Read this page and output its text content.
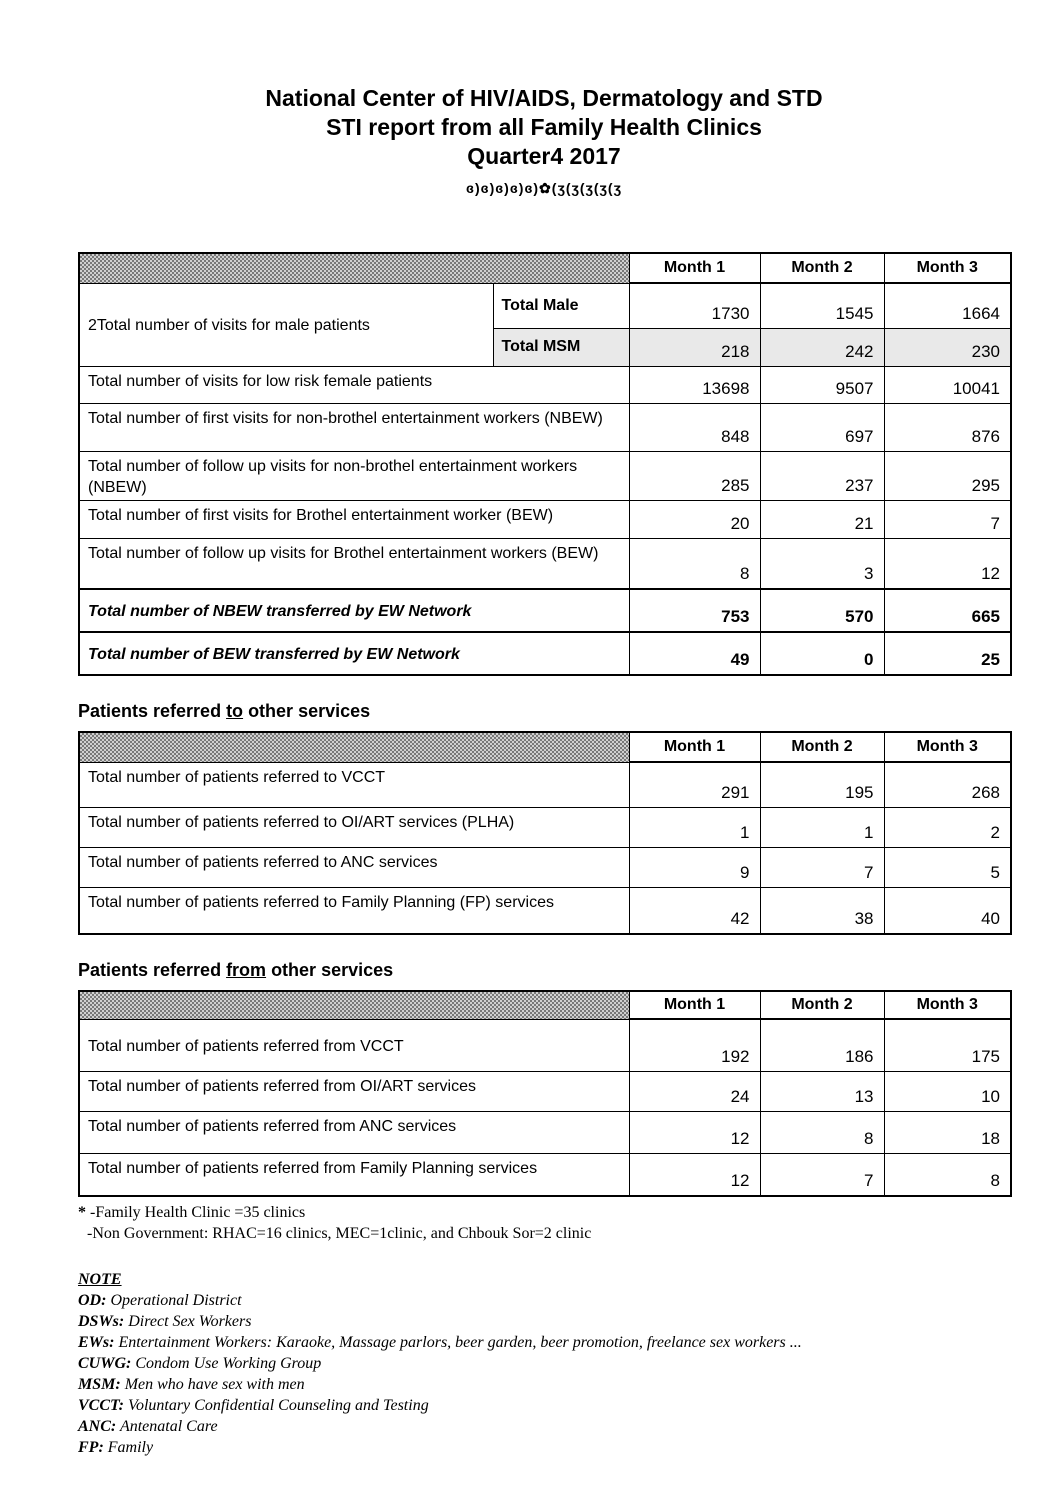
National Center of HIV/AIDS, Dermatology and STD
STI report from all Family Health Clinics
Quarter4 2017
ɞ)ɞ)ɞ)ɞ)ɞ)✿(ʒ(ʒ(ʒ(ʒ(ʒ
		Month 1	Month 2	Month 3
2Total number of visits for male patients	Total Male	1730	1545	1664
	Total MSM	218	242	230
Total number of visits for low risk female patients		13698	9507	10041
Total number of first visits for non-brothel entertainment workers (NBEW)		848	697	876
Total number of follow up visits for non-brothel entertainment workers (NBEW)		285	237	295
Total number of first visits for Brothel entertainment worker (BEW)		20	21	7
Total number of follow up visits for Brothel entertainment workers (BEW)		8	3	12
Total number of NBEW transferred by EW Network		753	570	665
Total number of BEW transferred by EW Network		49	0	25
Patients referred to other services
	Month 1	Month 2	Month 3
Total number of patients referred to VCCT	291	195	268
Total number of patients referred to OI/ART services (PLHA)	1	1	2
Total number of patients referred to ANC services	9	7	5
Total number of patients referred to Family Planning (FP) services	42	38	40
Patients referred from other services
	Month 1	Month 2	Month 3
Total number of patients referred from VCCT	192	186	175
Total number of patients referred from OI/ART services	24	13	10
Total number of patients referred from ANC services	12	8	18
Total number of patients referred from Family Planning services	12	7	8
* -Family Health Clinic =35 clinics
-Non Government: RHAC=16 clinics, MEC=1clinic, and Chbouk Sor=2 clinic
NOTE
OD: Operational District
DSWs: Direct Sex Workers
EWs: Entertainment Workers: Karaoke, Massage parlors, beer garden, beer promotion, freelance sex workers ...
CUWG: Condom Use Working Group
MSM: Men who have sex with men
VCCT: Voluntary Confidential Counseling and Testing
ANC: Antenatal Care
FP: Family
